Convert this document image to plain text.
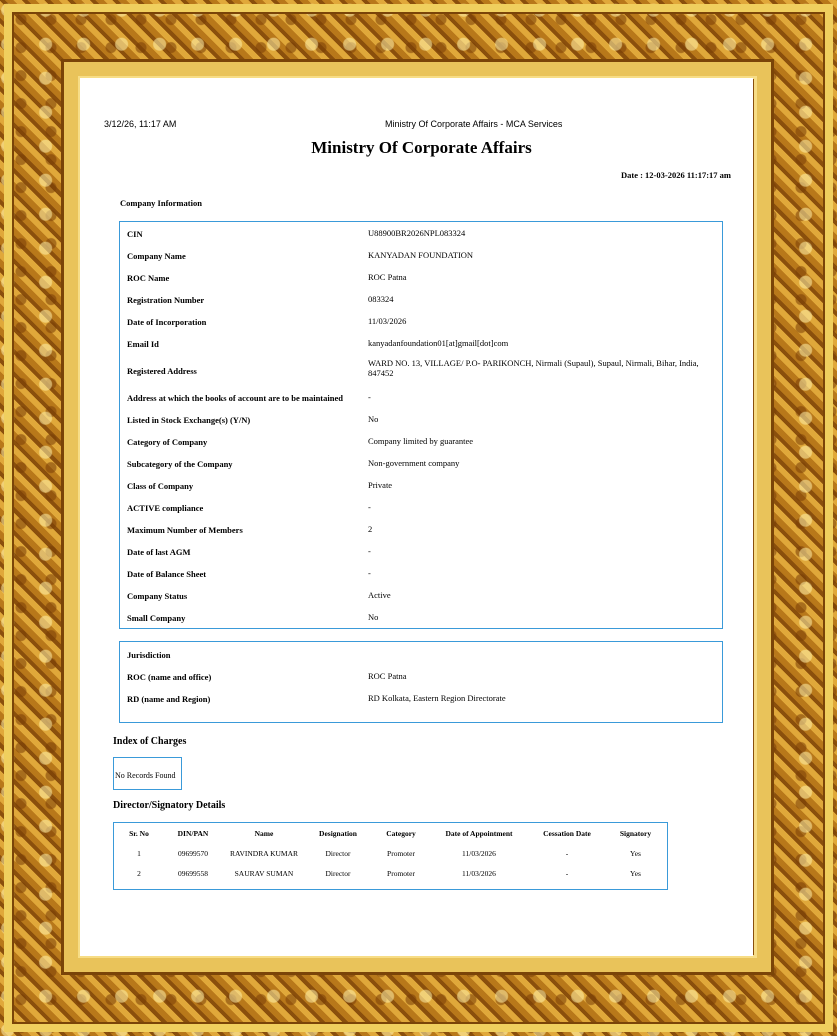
3/12/26, 11:17 AM	Ministry Of Corporate Affairs - MCA Services
Ministry Of Corporate Affairs
Date : 12-03-2026 11:17:17 am
Company Information
CIN	U88900BR2026NPL083324
Company Name	KANYADAN FOUNDATION
ROC Name	ROC Patna
Registration Number	083324
Date of Incorporation	11/03/2026
Email Id	kanyadanfoundation01[at]gmail[dot]com
Registered Address
WARD NO. 13, VILLAGE/ P.O- PARIKONCH, Nirmali (Supaul), Supaul, Nirmali, Bihar, India, 847452
Address at which the books of account are to be maintained	-
Listed in Stock Exchange(s) (Y/N)	No
Category of Company	Company limited by guarantee
Subcategory of the Company	Non-government company
Class of Company	Private
ACTIVE compliance	-
Maximum Number of Members	2
Date of last AGM	-
Date of Balance Sheet	-
Company Status	Active
Small Company	No
Jurisdiction
ROC (name and office)	ROC Patna
RD (name and Region)	RD Kolkata, Eastern Region Directorate
Index of Charges
No Records Found
Director/Signatory Details
Sr. No	DIN/PAN	Name	Designation	Category	Date of Appointment	Cessation Date	Signatory
1	09699570	RAVINDRA KUMAR	Director	Promoter	11/03/2026	-	Yes
2	09699558	SAURAV SUMAN	Director	Promoter	11/03/2026	-	Yes
